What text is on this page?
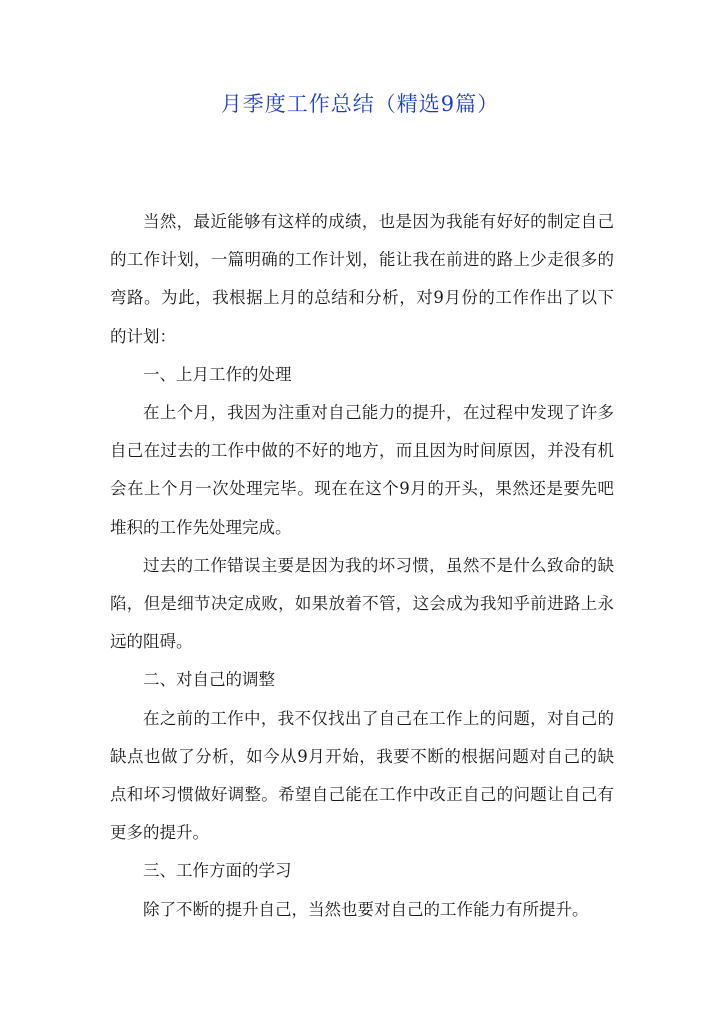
月季度工作总结（精选9篇）

当然，最近能够有这样的成绩，也是因为我能有好好的制定自己的工作计划，一篇明确的工作计划，能让我在前进的路上少走很多的弯路。为此，我根据上月的总结和分析，对9月份的工作作出了以下的计划：

一、上月工作的处理

在上个月，我因为注重对自己能力的提升，在过程中发现了许多自己在过去的工作中做的不好的地方，而且因为时间原因，并没有机会在上个月一次处理完毕。现在在这个9月的开头，果然还是要先吧堆积的工作先处理完成。

过去的工作错误主要是因为我的坏习惯，虽然不是什么致命的缺陷，但是细节决定成败，如果放着不管，这会成为我知乎前进路上永远的阻碍。

二、对自己的调整

在之前的工作中，我不仅找出了自己在工作上的问题，对自己的缺点也做了分析，如今从9月开始，我要不断的根据问题对自己的缺点和坏习惯做好调整。希望自己能在工作中改正自己的问题让自己有更多的提升。

三、工作方面的学习

除了不断的提升自己，当然也要对自己的工作能力有所提升。
